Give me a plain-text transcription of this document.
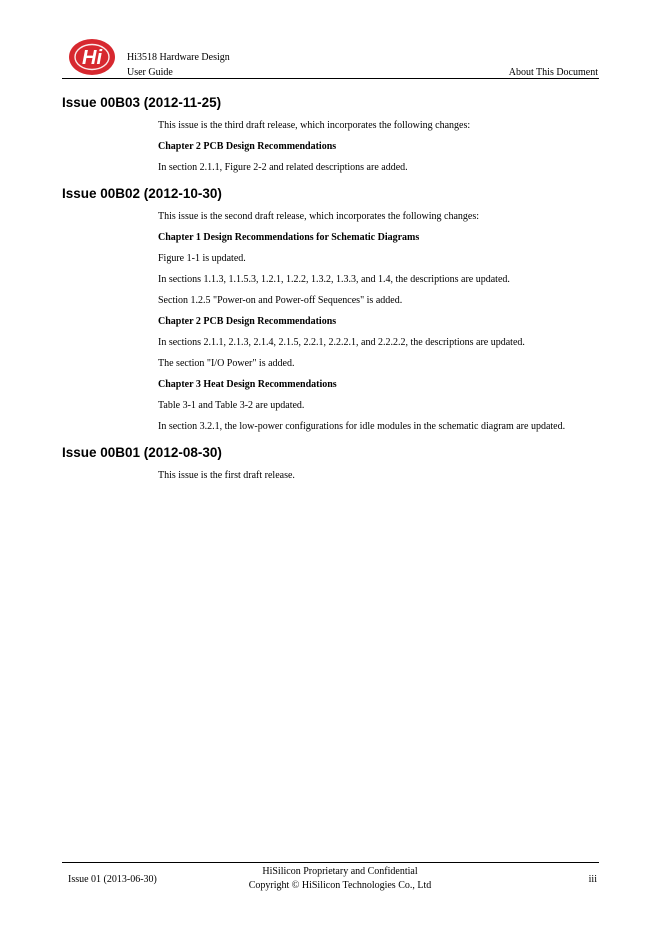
Hi	Hi3518 Hardware Design
User Guide	About This Document
Issue 00B03 (2012-11-25)

This issue is the third draft release, which incorporates the following changes:

Chapter 2 PCB Design Recommendations

In section 2.1.1, Figure 2-2 and related descriptions are added.

Issue 00B02 (2012-10-30)

This issue is the second draft release, which incorporates the following changes:

Chapter 1 Design Recommendations for Schematic Diagrams

Figure 1-1 is updated.

In sections 1.1.3, 1.1.5.3, 1.2.1, 1.2.2, 1.3.2, 1.3.3, and 1.4, the descriptions are updated.

Section 1.2.5 "Power-on and Power-off Sequences" is added.

Chapter 2 PCB Design Recommendations

In sections 2.1.1, 2.1.3, 2.1.4, 2.1.5, 2.2.1, 2.2.2.1, and 2.2.2.2, the descriptions are updated.

The section "I/O Power" is added.

Chapter 3 Heat Design Recommendations

Table 3-1 and Table 3-2 are updated.

In section 3.2.1, the low-power configurations for idle modules in the schematic diagram are updated.

Issue 00B01 (2012-08-30)

This issue is the first draft release.

Issue 01 (2013-06-30)
HiSilicon Proprietary and Confidential
Copyright © HiSilicon Technologies Co., Ltd
iii
